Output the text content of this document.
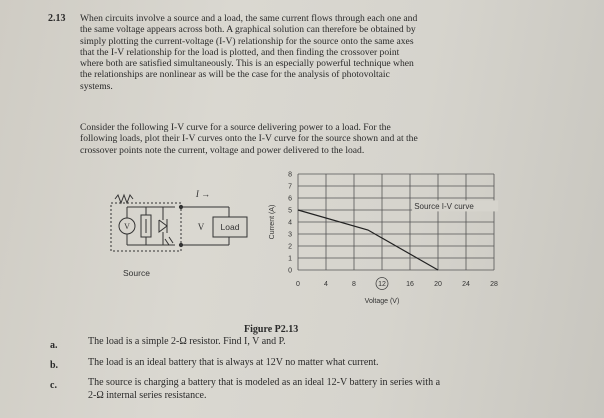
2.13 When circuits involve a source and a load, the same current flows through each one and
the same voltage appears across both. A graphical solution can therefore be obtained by
simply plotting the current-voltage (I-V) relationship for the source onto the same axes
that the I-V relationship for the load is plotted, and then finding the crossover point
where both are satisfied simultaneously. This is an especially powerful technique when
the relationships are nonlinear as will be the case for the analysis of photovoltaic
systems.
Consider the following I-V curve for a source delivering power to a load. For the
following loads, plot their I-V curves onto the I-V curve for the source shown and at the
crossover points note the current, voltage and power delivered to the load.
V
I →
V Load
Source
0	4	8	12	16	20	24	28
0
1
2
3
4
5
6
7
8
Voltage (V)
Current (A)	Source I-V curve
Figure P2.13
a.	The load is a simple 2-Ω resistor. Find I, V and P.
b.	The load is an ideal battery that is always at 12V no matter what current.
c.	The source is charging a battery that is modeled as an ideal 12-V battery in series with a
2-Ω internal series resistance.
